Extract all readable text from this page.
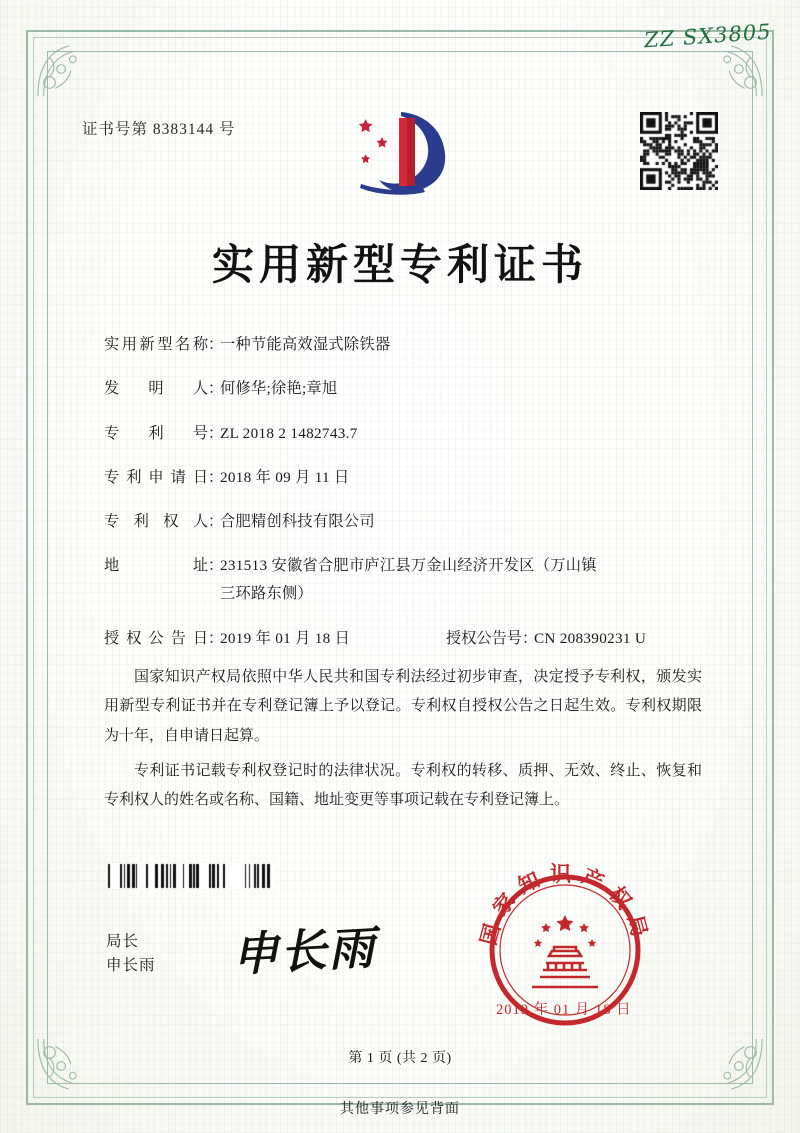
ZZ SX3805
证书号第 8383144 号
实用新型专利证书
实用新型名称 ：
一种节能高效湿式除铁器
发明人 ：
何修华;徐艳;章旭
专利号 ：
ZL 2018 2 1482743.7
专利申请日 ：
2018 年 09 月 11 日
专利权人 ：
合肥精创科技有限公司
地址 ：
231513 安徽省合肥市庐江县万金山经济开发区（万山镇
三环路东侧）
授权公告日 ：
2019 年 01 月 18 日	授权公告号 ：
CN 208390231 U

国家知识产权局依照中华人民共和国专利法经过初步审查，决定授予专利权，颁发实用新型专利证书并在专利登记簿上予以登记。专利权自授权公告之日起生效。专利权期限为十年，自申请日起算。

专利证书记载专利权登记时的法律状况。专利权的转移、质押、无效、终止、恢复和专利权人的姓名或名称、国籍、地址变更等事项记载在专利登记簿上。

局长
申长雨 申长雨	国家知识产权局
2019 年 01 月 18 日
第 1 页 (共 2 页)
其他事项参见背面
